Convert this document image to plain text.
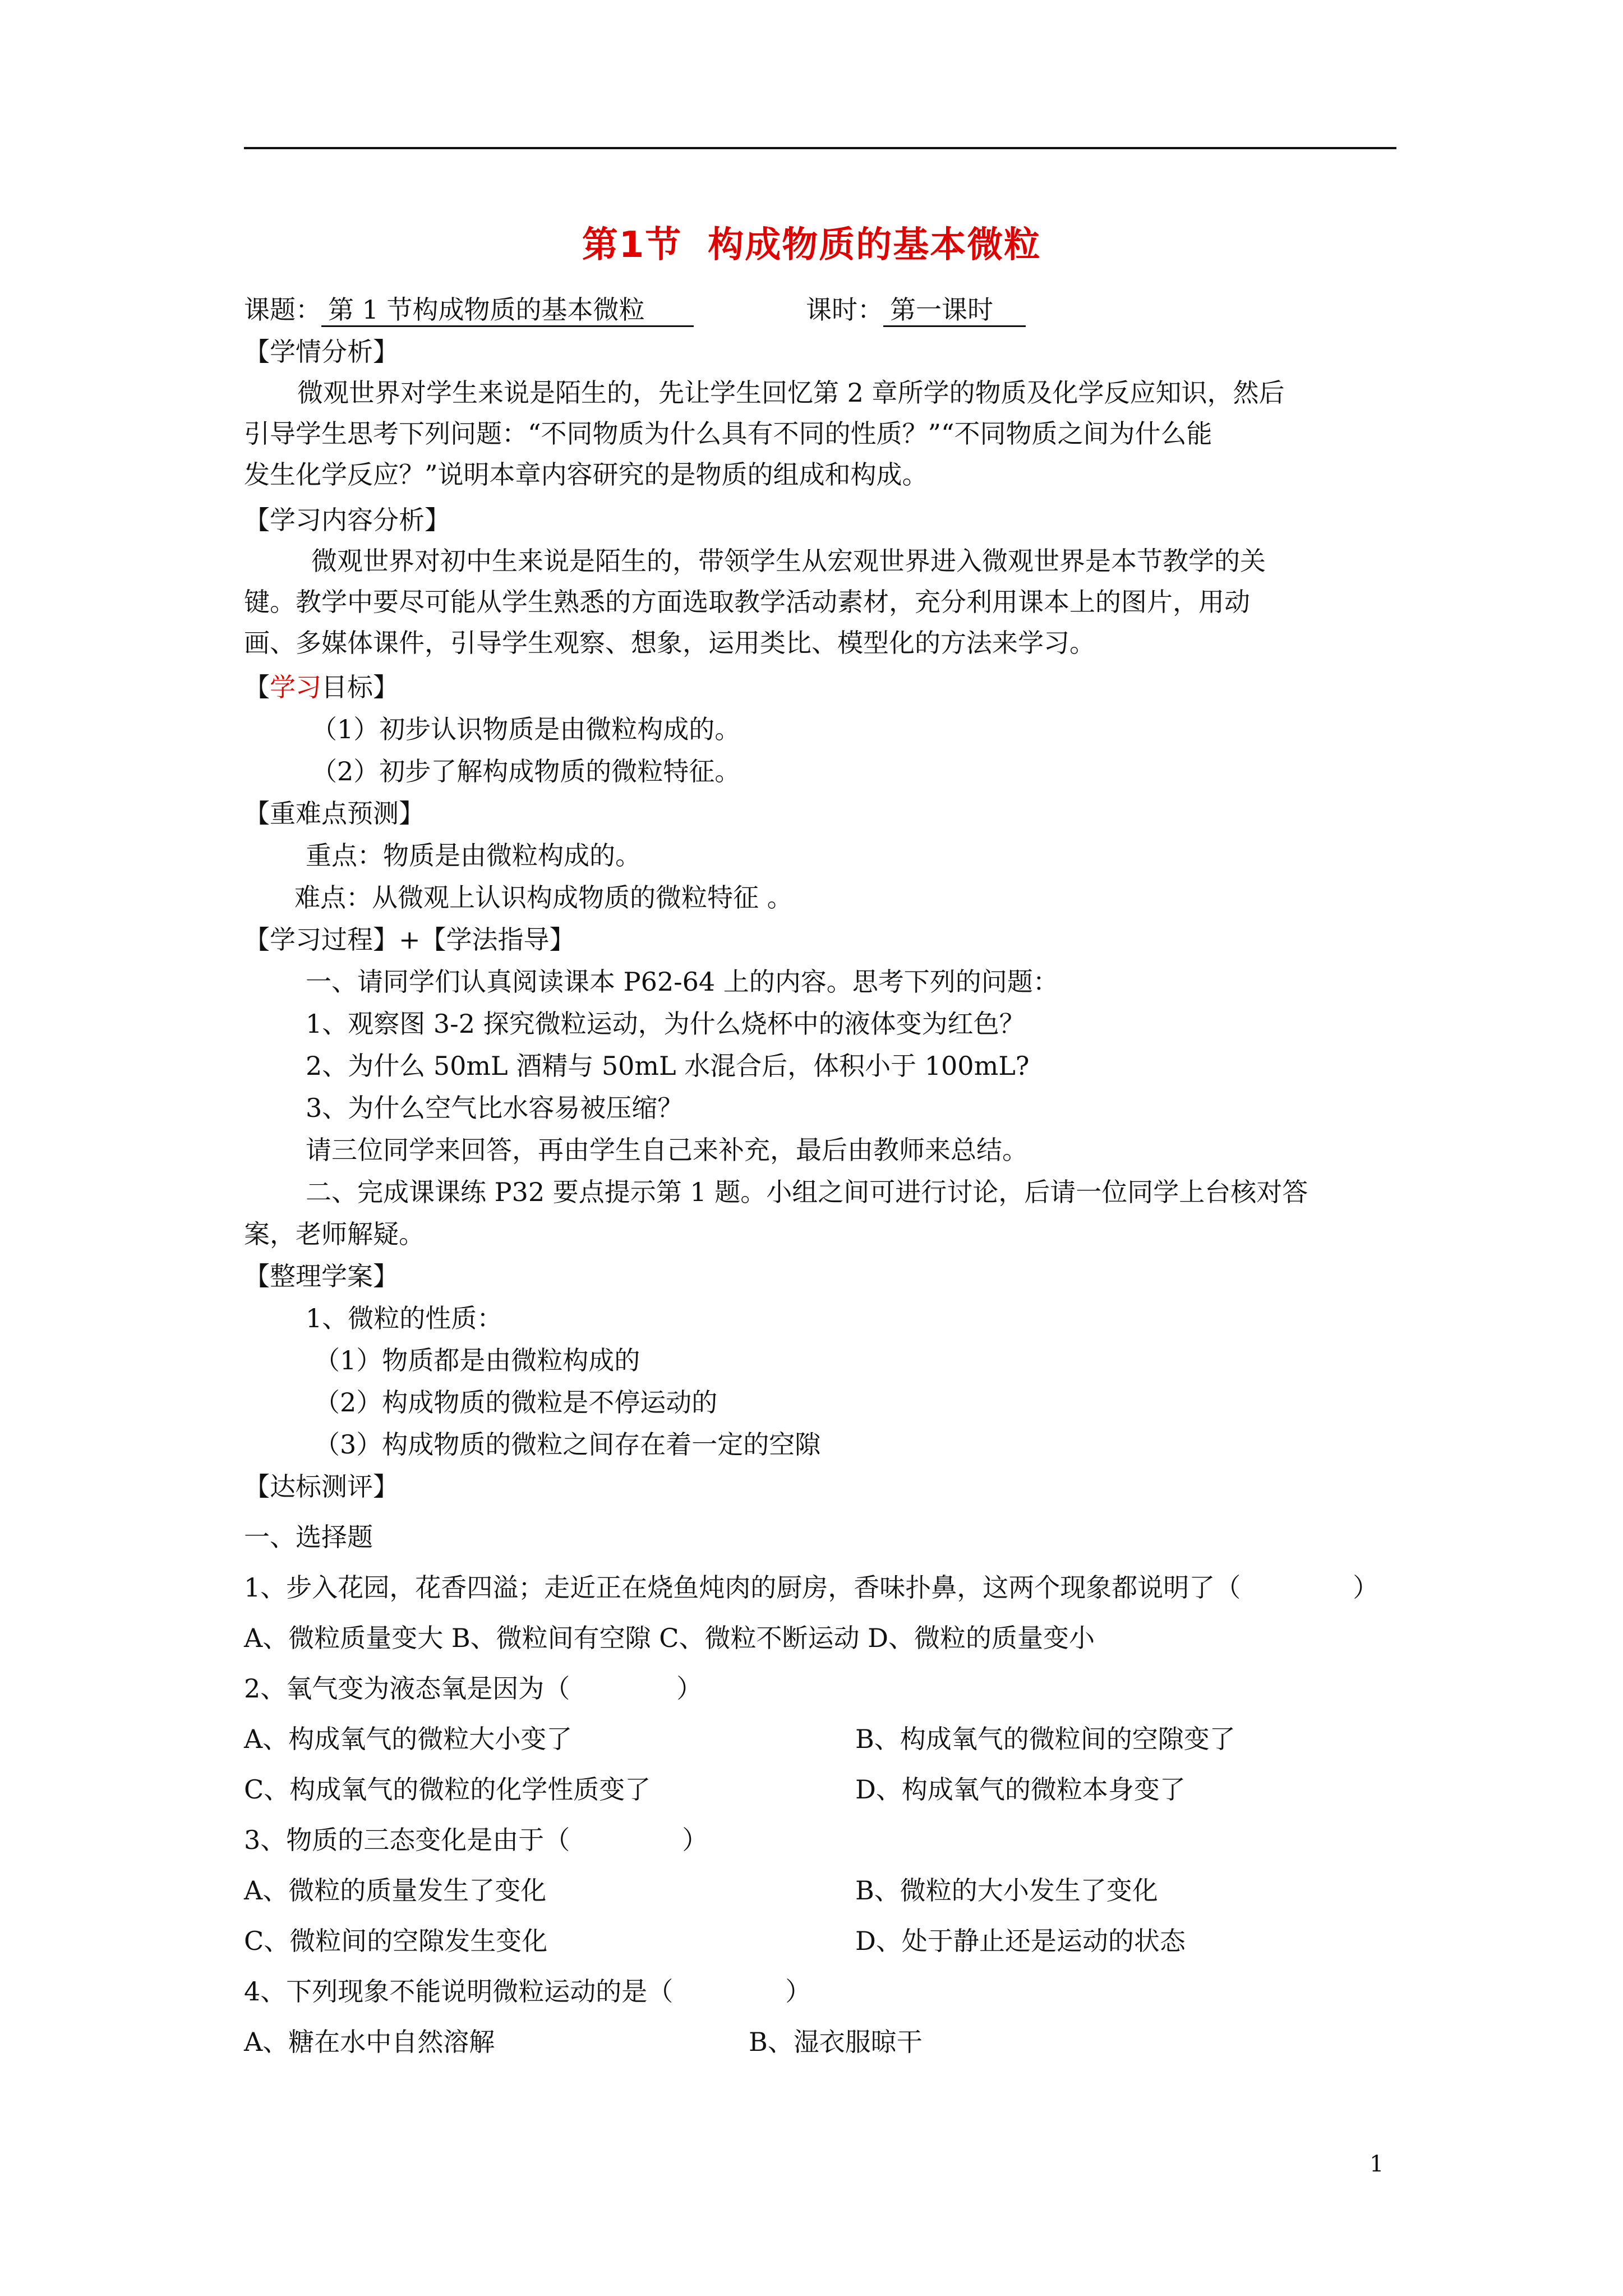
第1节 构成物质的基本微粒
课题： 第 1 节构成物质的基本微粒	课时： 第一课时
【学情分析】
微观世界对学生来说是陌生的，先让学生回忆第 2 章所学的物质及化学反应知识，然后
引导学生思考下列问题：“不同物质为什么具有不同的性质？”“不同物质之间为什么能
发生化学反应？”说明本章内容研究的是物质的组成和构成。
【学习内容分析】
微观世界对初中生来说是陌生的，带领学生从宏观世界进入微观世界是本节教学的关
键。教学中要尽可能从学生熟悉的方面选取教学活动素材，充分利用课本上的图片，用动
画、多媒体课件，引导学生观察、想象，运用类比、模型化的方法来学习。
【学习目标】
（1）初步认识物质是由微粒构成的。
（2）初步了解构成物质的微粒特征。
【重难点预测】
重点：物质是由微粒构成的。
难点：从微观上认识构成物质的微粒特征 。
【学习过程】+【学法指导】
一、请同学们认真阅读课本 P62-64 上的内容。思考下列的问题：
1、观察图 3-2 探究微粒运动，为什么烧杯中的液体变为红色？
2、为什么 50mL 酒精与 50mL 水混合后，体积小于 100mL?
3、为什么空气比水容易被压缩？
请三位同学来回答，再由学生自己来补充，最后由教师来总结。
二、完成课课练 P32 要点提示第 1 题。小组之间可进行讨论，后请一位同学上台核对答
案，老师解疑。
【整理学案】
1、微粒的性质：
（1）物质都是由微粒构成的
（2）构成物质的微粒是不停运动的
（3）构成物质的微粒之间存在着一定的空隙
【达标测评】
一、选择题
1、步入花园，花香四溢；走近正在烧鱼炖肉的厨房，香味扑鼻，这两个现象都说明了（	）
A、微粒质量变大 B、微粒间有空隙 C、微粒不断运动 D、微粒的质量变小
2、氧气变为液态氧是因为（	）
A、构成氧气的微粒大小变了	B、构成氧气的微粒间的空隙变了
C、构成氧气的微粒的化学性质变了	D、构成氧气的微粒本身变了
3、物质的三态变化是由于（	）
A、微粒的质量发生了变化	B、微粒的大小发生了变化
C、微粒间的空隙发生变化	D、处于静止还是运动的状态
4、下列现象不能说明微粒运动的是（	）
A、糖在水中自然溶解	B、湿衣服晾干
1
